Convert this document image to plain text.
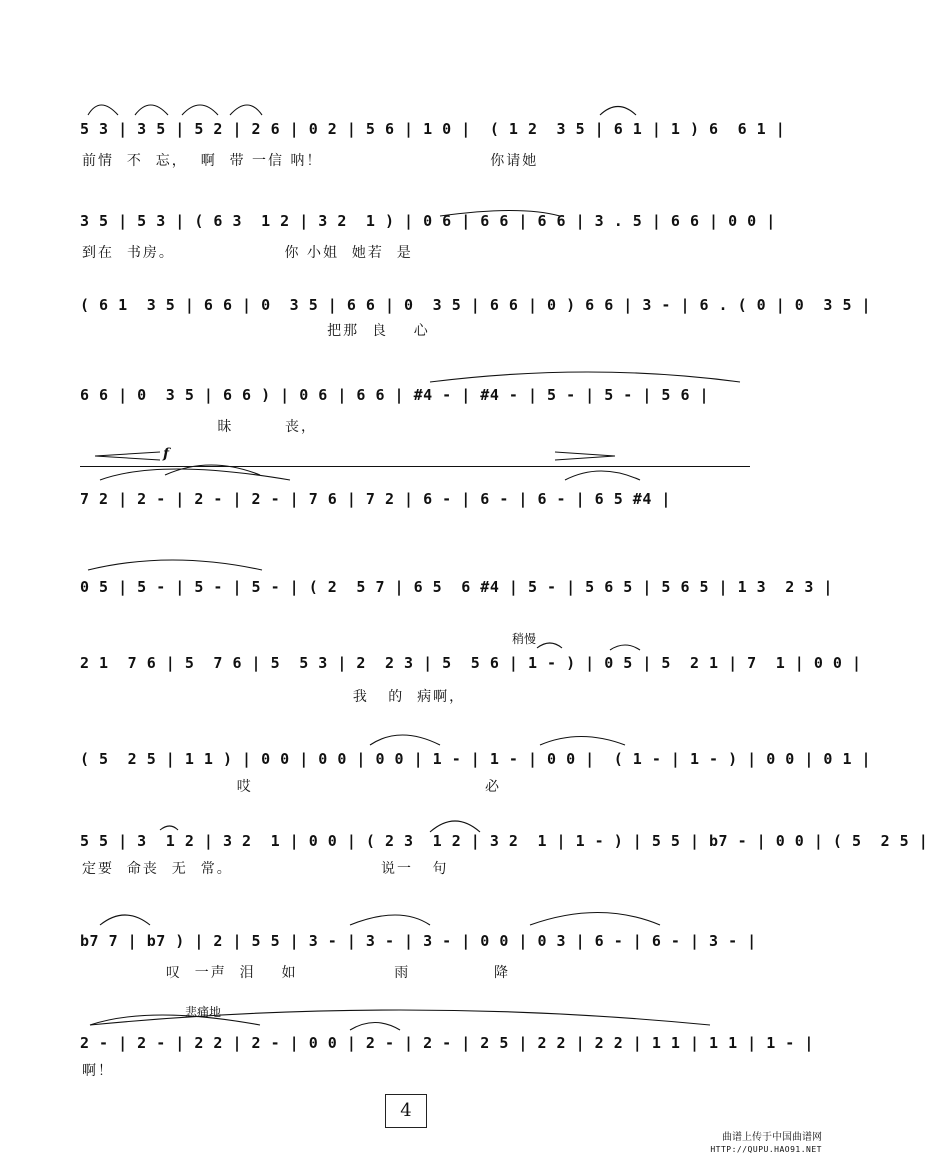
f
稍慢
悲痛地
5 3 | 3 5 | 5 2 | 2 6 | 0 2 | 5 6 | 1 0 |  ( 1 2  3 5 | 6 1 | 1 ) 6  6 1 |
前情  不  忘，  啊  带 一信 呐！                          你请她
3 5 | 5 3 | ( 6 3  1 2 | 3 2  1 ) | 0 6 | 6 6 | 6 6 | 3 . 5 | 6 6 | 0 0 |
到在  书房。                 你 小姐  她若  是
( 6 1  3 5 | 6 6 | 0  3 5 | 6 6 | 0  3 5 | 6 6 | 0 ) 6 6 | 3 - | 6 . ( 0 | 0  3 5 |
把那  良    心
6 6 | 0  3 5 | 6 6 ) | 0 6 | 6 6 | #4 - | #4 - | 5 - | 5 - | 5 6 |
昧        丧，
7 2 | 2 - | 2 - | 2 - | 7 6 | 7 2 | 6 - | 6 - | 6 - | 6 5 #4 |
0 5 | 5 - | 5 - | 5 - | ( 2  5 7 | 6 5  6 #4 | 5 - | 5 6 5 | 5 6 5 | 1 3  2 3 |
2 1  7 6 | 5  7 6 | 5  5 3 | 2  2 3 | 5  5 6 | 1 - ) | 0 5 | 5  2 1 | 7  1 | 0 0 |
我   的  病啊，
( 5  2 5 | 1 1 ) | 0 0 | 0 0 | 0 0 | 1 - | 1 - | 0 0 |  ( 1 - | 1 - ) | 0 0 | 0 1 |
哎                                    必
5 5 | 3  1 2 | 3 2  1 | 0 0 | ( 2 3  1 2 | 3 2  1 | 1 - ) | 5 5 | b7 - | 0 0 | ( 5  2 5 |
定要  命丧  无  常。                       说一   句
b7 7 | b7 ) | 2 | 5 5 | 3 - | 3 - | 3 - | 0 0 | 0 3 | 6 - | 6 - | 3 - |
叹  一声  泪    如               雨             降
2 - | 2 - | 2 2 | 2 - | 0 0 | 2 - | 2 - | 2 5 | 2 2 | 2 2 | 1 1 | 1 1 | 1 - |
啊！
4
曲谱上传于中国曲谱网
HTTP://QUPU.HAO91.NET
